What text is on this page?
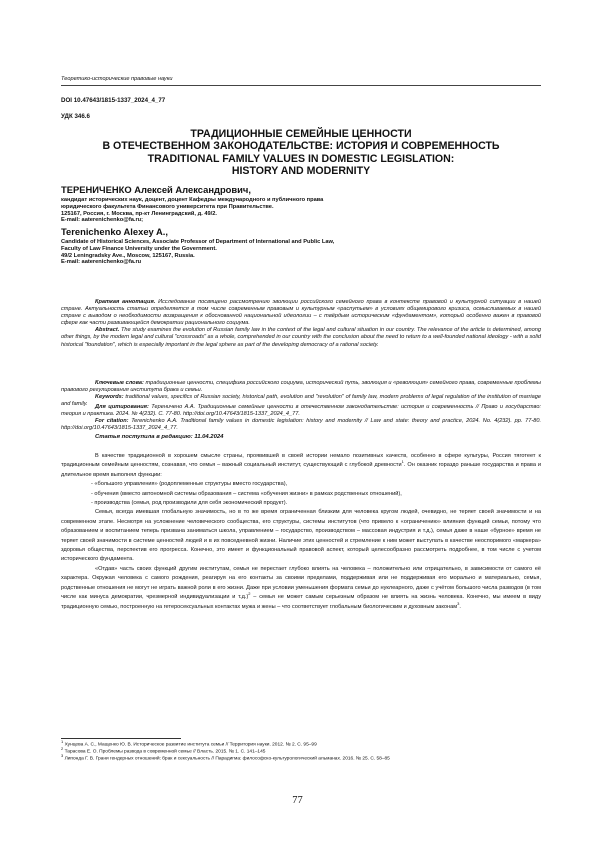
Теоретико-исторические правовые науки
DOI 10.47643/1815-1337_2024_4_77
УДК 346.6
ТРАДИЦИОННЫЕ СЕМЕЙНЫЕ ЦЕННОСТИ
В ОТЕЧЕСТВЕННОМ ЗАКОНОДАТЕЛЬСТВЕ: ИСТОРИЯ И СОВРЕМЕННОСТЬ
TRADITIONAL FAMILY VALUES IN DOMESTIC LEGISLATION:
HISTORY AND MODERNITY
ТЕРЕНИЧЕНКО Алексей Александрович,
кандидат исторических наук, доцент, доцент Кафедры международного и публичного права
юридического факультета Финансового университета при Правительстве.
125167, Россия, г. Москва, пр-кт Ленинградский, д. 49/2.
E-mail: aaterenichenko@fa.ru;
Terenichenko Alexey A.,
Candidate of Historical Sciences, Associate Professor of Department of International and Public Law,
Faculty of Law Finance University under the Government.
49/2 Leningradsky Ave., Moscow, 125167, Russia.
E-mail: aaterenichenko@fa.ru
Краткая аннотация. Исследование посвящено рассмотрению эволюции российского семейного права в контексте правовой и культурной ситуации в нашей стране. Актуальность статьи определяется в том числе современным правовым и культурным «распутьем» в условиях общемирового кризиса, осмысливаемых в нашей стране с выводом о необходимости возвращения к обоснованной национальной идеологии – с твёрдым историческим «фундаментом», который особенно важен в правовой сфере как части развивающейся демократии рационального социума.
Abstract. The study examines the evolution of Russian family law in the context of the legal and cultural situation in our country. The relevance of the article is determined, among other things, by the modern legal and cultural "crossroads" as a whole, comprehended in our country with the conclusion about the need to return to a well-founded national ideology - with a solid historical "foundation", which is especially important in the legal sphere as part of the developing democracy of a rational society.
Ключевые слова: традиционные ценности, специфика российского социума, исторический путь, эволюция и «революция» семейного права, современные проблемы правового регулирования института брака и семьи.
Keywords: traditional values, specifics of Russian society, historical path, evolution and "revolution" of family law, modern problems of legal regulation of the institution of marriage and family.	Для цитирования: Тереничено А.А. Традиционные семейные ценности в отечественном законодательстве: история и современность // Право и государство: теория и практика. 2024. № 4(232). С. 77-80. http://doi.org/10.47643/1815-1337_2024_4_77.
For citation: Terenichenko A.A. Traditional family values in domestic legislation: history and modernity // Law and state: theory and practice, 2024. No. 4(232). pp. 77-80. http://doi.org/10.47643/1815-1337_2024_4_77.
Статья поступила в редакцию: 11.04.2024

В качестве традиционной в хорошем смысле страны, проявившей в своей истории немало позитивных качеств, особенно в сфере культуры, Россия тяготеет к традиционным семейным ценностям, сознавая, что семья – важный социальный институт, существующий с глубокой древности$^1$. Он оказник гораздо раньше государства и права и длительное время выполнял функции:

- «большого управления» (родоплеменные структуры вместо государства),
- обучения (вместо автономной системы образования – система «обучения жизни» в рамках родственных отношений),
- производства (семья, род производили для себя экономический продукт).

Семья, всегда имевшая глобальную значимость, но в то же время ограниченная близким для человека кругом людей, очевидно, не теряет своей значимости и на современном этапе. Несмотря на усложнение человеческого сообщества, его структуры, системы институтов (что привело к «ограничению» влияния функций семьи, потому что образованием и воспитанием теперь призвана заниматься школа, управлением – государство, производством – массовая индустрия и т.д.), семья даже в наше «бурное» время не теряет своей значимости в системе ценностей людей и в их повседневной жизни. Наличие этих ценностей и стремление к ним может выступать в качестве неоспоримого «маркера» здоровья общества, перспектив его прогресса. Конечно, это имеет и функциональный правовой аспект, который целесообразно рассмотреть подробнее, в том числе с учетом исторического фундамента.

«Отдав» часть своих функций другим институтам, семья не перестает глубоко влиять на человека – положительно или отрицательно, в зависимости от самого её характера. Окружая человека с самого рождения, реагируя на его контакты за своими пределами, поддерживая или не поддерживая его морально и материально, семья, родственные отношения не могут не играть важной роли в его жизни. Даже при условии уменьшения формата семьи до нуклеарного, даже с учётом большого числа разводов (в том числе как минуса демократии, чрезмерной индивидуализации и т.д.)$^2$ – семья не может самым серьезным образом не влиять на жизнь человека. Конечно, мы имеем в виду традиционную семью, построенную на гетеросексуальных контактах мужа и жены – что соответствует глобальным биологическим и духовным законам$^3$.

$^1$ Хунцева А. С., Мащенко Ю. В. Историческое развитие института семьи // Территория науки. 2012. № 2. С. 95–99
$^2$ Тарасова Е. О. Проблемы развода в современной семье // Власть. 2015. № 1. С. 141–145
$^3$ Липонда Г. В. Грани гендерных отношений: брак и сексуальность // Парадигма: философско-культурологический альманах. 2016. № 25. С. 58–85
77
